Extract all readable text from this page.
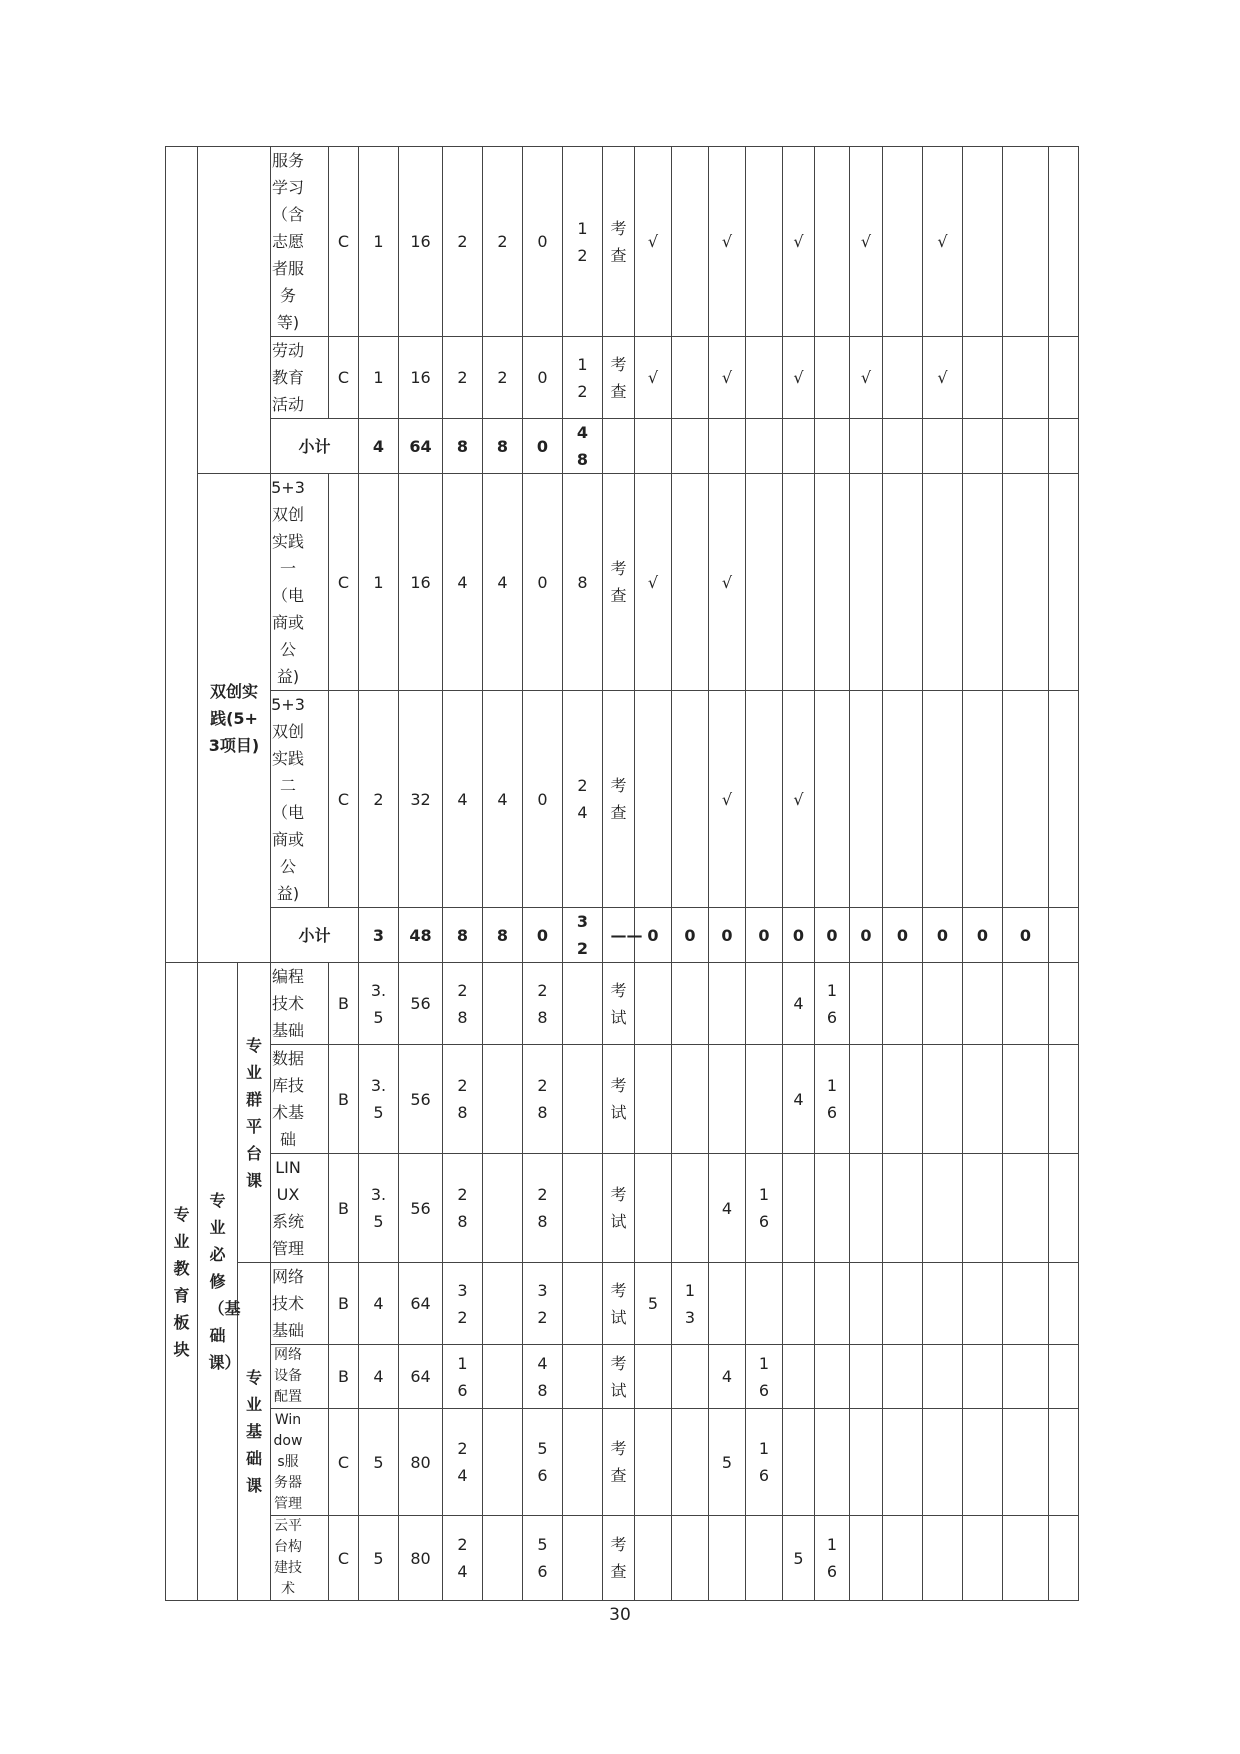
			服务学习（含志愿者服务等)	C	1	16	2	2	0	12	考查	√		√		√		√		√			

			劳动教育活动	C	1	16	2	2	0	12	考查	√		√		√		√		√			
			小计		4	64	8	8	0	48													

	双创实践(5+3项目)		5+3双创实践一（电商或公益)	C	1	16	4	4	0	8	考查	√		√									

			5+3双创实践二（电商或公益)	C	2	32	4	4	0	24	考查			√		√							
			小计		3	48	8	8	0	32	——	0	0	0	0	0	0	0	0	0	0	0	

专业教育板块	专业必修（基础课）	专业群平台课	编程技术基础	B	3.5	56	28		28		考试					4	16						

			数据库技术基础	B	3.5	56	28		28		考试					4	16						

			LINUX系统管理	B	3.5	56	28		28		考试			4	16								

		专业基础课	网络技术基础	B	4	64	32		32		考试	5	13										

			网络设备配置	B	4	64	16		48		考试			4	16								

			Windows服务器管理	C	5	80	24		56		考查			5	16								

			云平台构建技术	C	5	80	24		56		考查					5	16						

30
